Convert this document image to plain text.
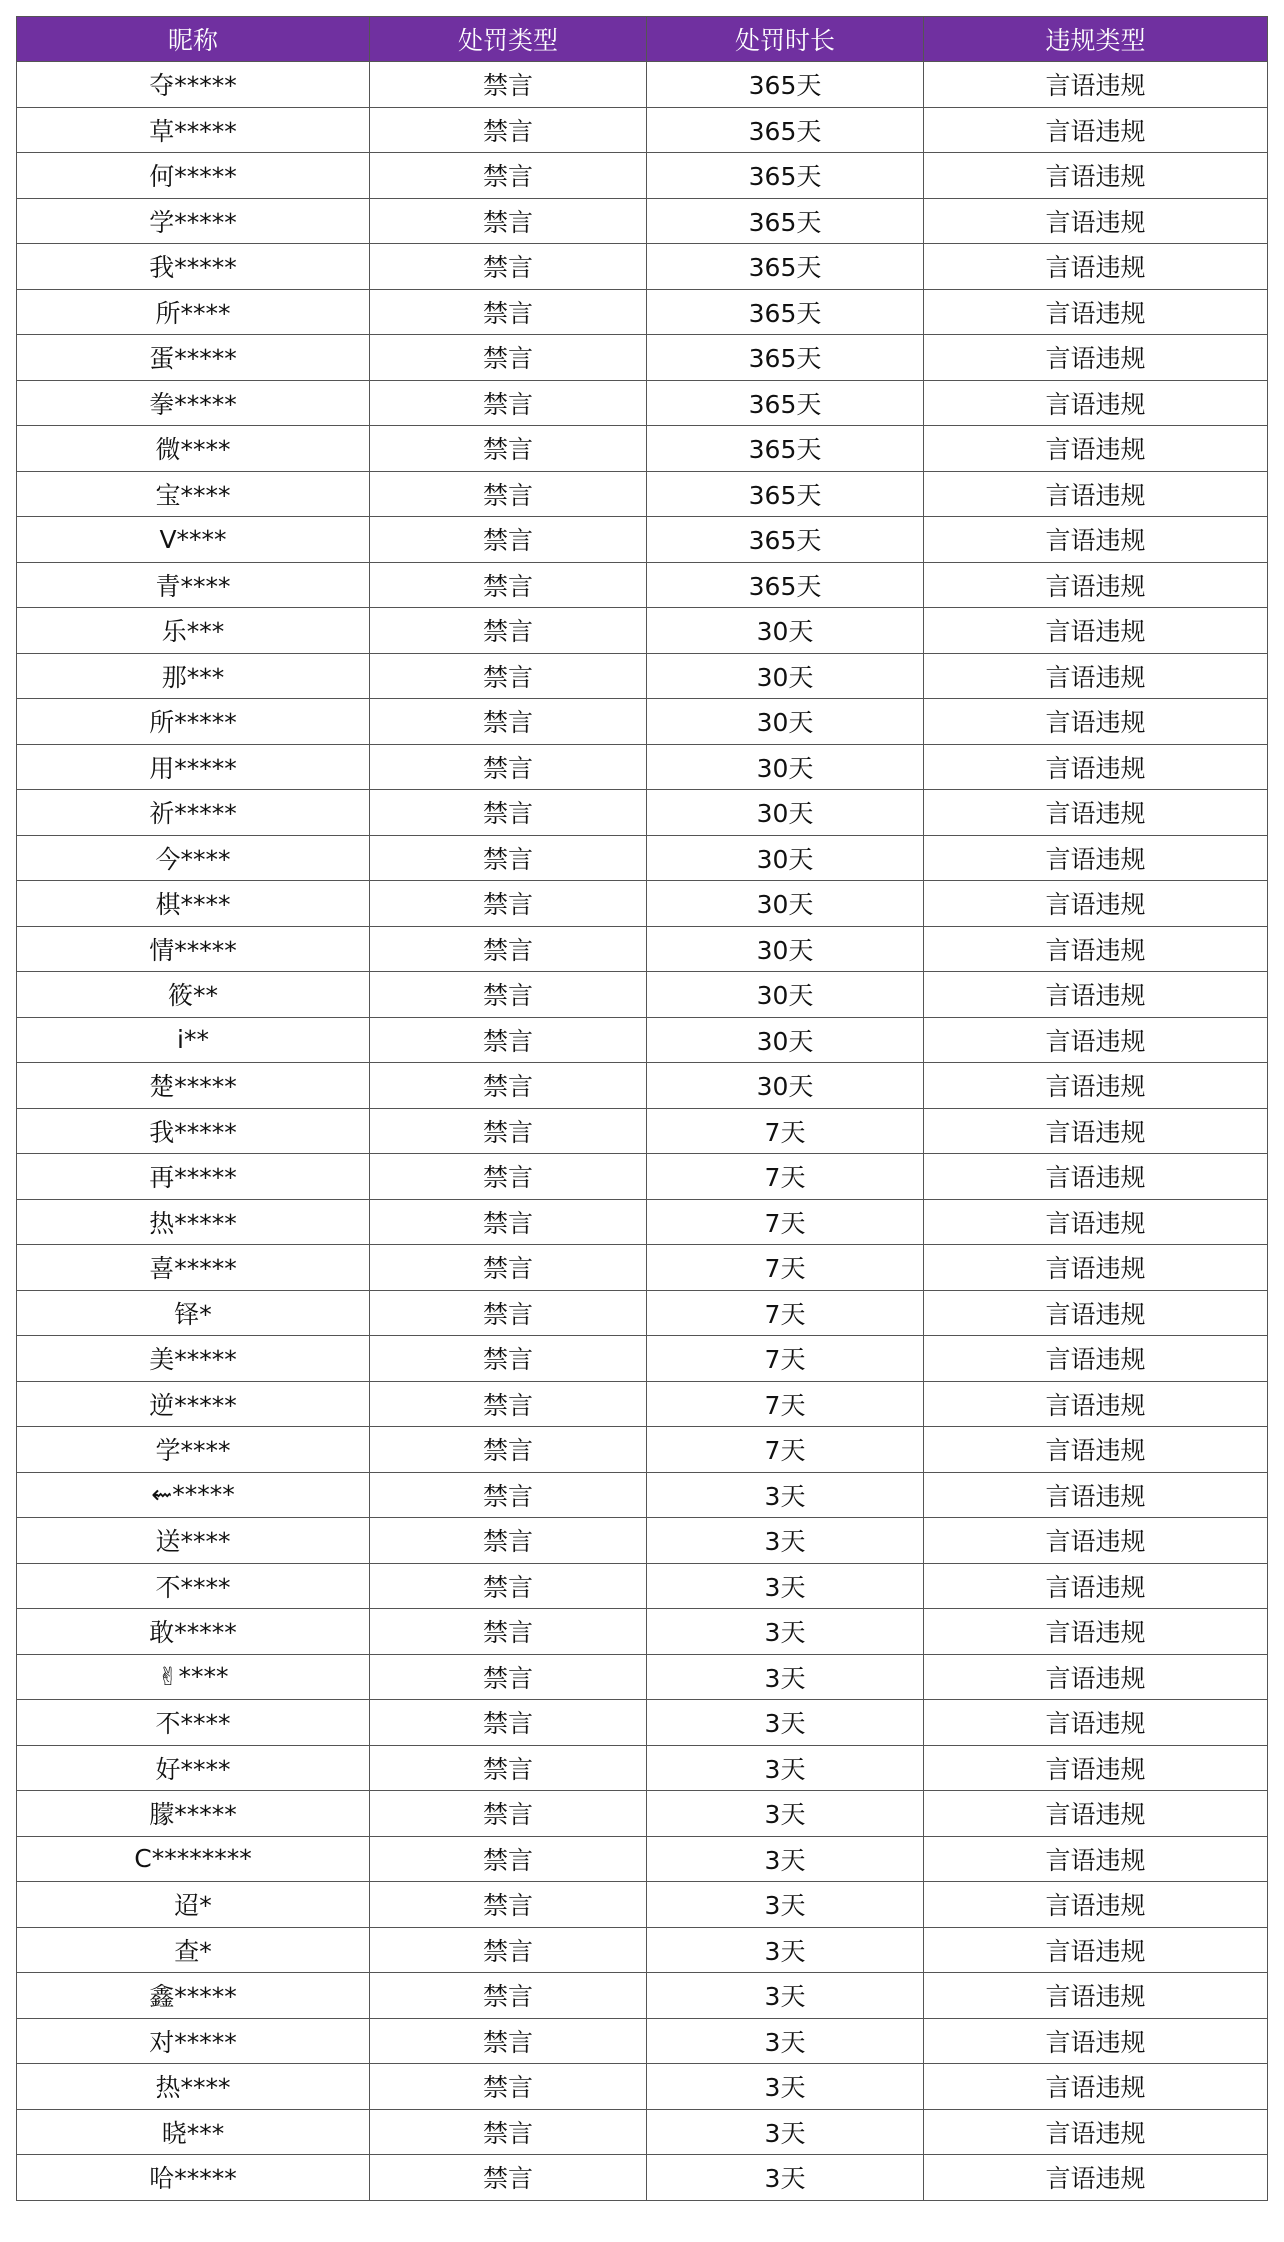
昵称	处罚类型	处罚时长	违规类型
夺*****	禁言	365天	言语违规
草*****	禁言	365天	言语违规
何*****	禁言	365天	言语违规
学*****	禁言	365天	言语违规
我*****	禁言	365天	言语违规
所****	禁言	365天	言语违规
蛋*****	禁言	365天	言语违规
拳*****	禁言	365天	言语违规
微****	禁言	365天	言语违规
宝****	禁言	365天	言语违规
V****	禁言	365天	言语违规
青****	禁言	365天	言语违规
乐***	禁言	30天	言语违规
那***	禁言	30天	言语违规
所*****	禁言	30天	言语违规
用*****	禁言	30天	言语违规
祈*****	禁言	30天	言语违规
今****	禁言	30天	言语违规
棋****	禁言	30天	言语违规
情*****	禁言	30天	言语违规
筱**	禁言	30天	言语违规
i**	禁言	30天	言语违规
楚*****	禁言	30天	言语违规
我*****	禁言	7天	言语违规
再*****	禁言	7天	言语违规
热*****	禁言	7天	言语违规
喜*****	禁言	7天	言语违规
铎*	禁言	7天	言语违规
美*****	禁言	7天	言语违规
逆*****	禁言	7天	言语违规
学****	禁言	7天	言语违规
⇜*****	禁言	3天	言语违规
送****	禁言	3天	言语违规
不****	禁言	3天	言语违规
敢*****	禁言	3天	言语违规
✌****	禁言	3天	言语违规
不****	禁言	3天	言语违规
好****	禁言	3天	言语违规
朦*****	禁言	3天	言语违规
C********	禁言	3天	言语违规
迢*	禁言	3天	言语违规
查*	禁言	3天	言语违规
鑫*****	禁言	3天	言语违规
对*****	禁言	3天	言语违规
热****	禁言	3天	言语违规
晓***	禁言	3天	言语违规
哈*****	禁言	3天	言语违规
